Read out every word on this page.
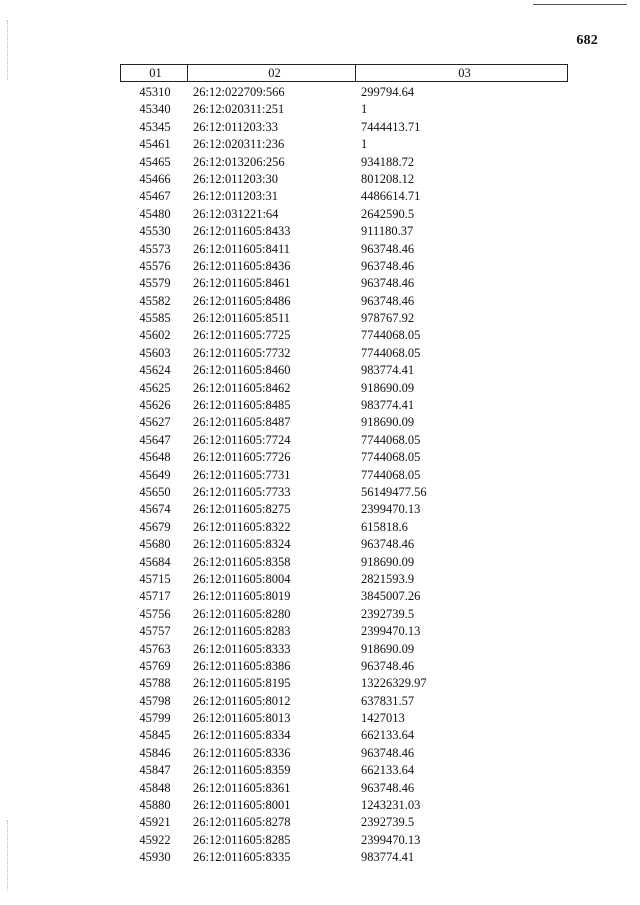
682
01	02	03
45310	26:12:022709:566	299794.64
45340	26:12:020311:251	1
45345	26:12:011203:33	7444413.71
45461	26:12:020311:236	1
45465	26:12:013206:256	934188.72
45466	26:12:011203:30	801208.12
45467	26:12:011203:31	4486614.71
45480	26:12:031221:64	2642590.5
45530	26:12:011605:8433	911180.37
45573	26:12:011605:8411	963748.46
45576	26:12:011605:8436	963748.46
45579	26:12:011605:8461	963748.46
45582	26:12:011605:8486	963748.46
45585	26:12:011605:8511	978767.92
45602	26:12:011605:7725	7744068.05
45603	26:12:011605:7732	7744068.05
45624	26:12:011605:8460	983774.41
45625	26:12:011605:8462	918690.09
45626	26:12:011605:8485	983774.41
45627	26:12:011605:8487	918690.09
45647	26:12:011605:7724	7744068.05
45648	26:12:011605:7726	7744068.05
45649	26:12:011605:7731	7744068.05
45650	26:12:011605:7733	56149477.56
45674	26:12:011605:8275	2399470.13
45679	26:12:011605:8322	615818.6
45680	26:12:011605:8324	963748.46
45684	26:12:011605:8358	918690.09
45715	26:12:011605:8004	2821593.9
45717	26:12:011605:8019	3845007.26
45756	26:12:011605:8280	2392739.5
45757	26:12:011605:8283	2399470.13
45763	26:12:011605:8333	918690.09
45769	26:12:011605:8386	963748.46
45788	26:12:011605:8195	13226329.97
45798	26:12:011605:8012	637831.57
45799	26:12:011605:8013	1427013
45845	26:12:011605:8334	662133.64
45846	26:12:011605:8336	963748.46
45847	26:12:011605:8359	662133.64
45848	26:12:011605:8361	963748.46
45880	26:12:011605:8001	1243231.03
45921	26:12:011605:8278	2392739.5
45922	26:12:011605:8285	2399470.13
45930	26:12:011605:8335	983774.41
